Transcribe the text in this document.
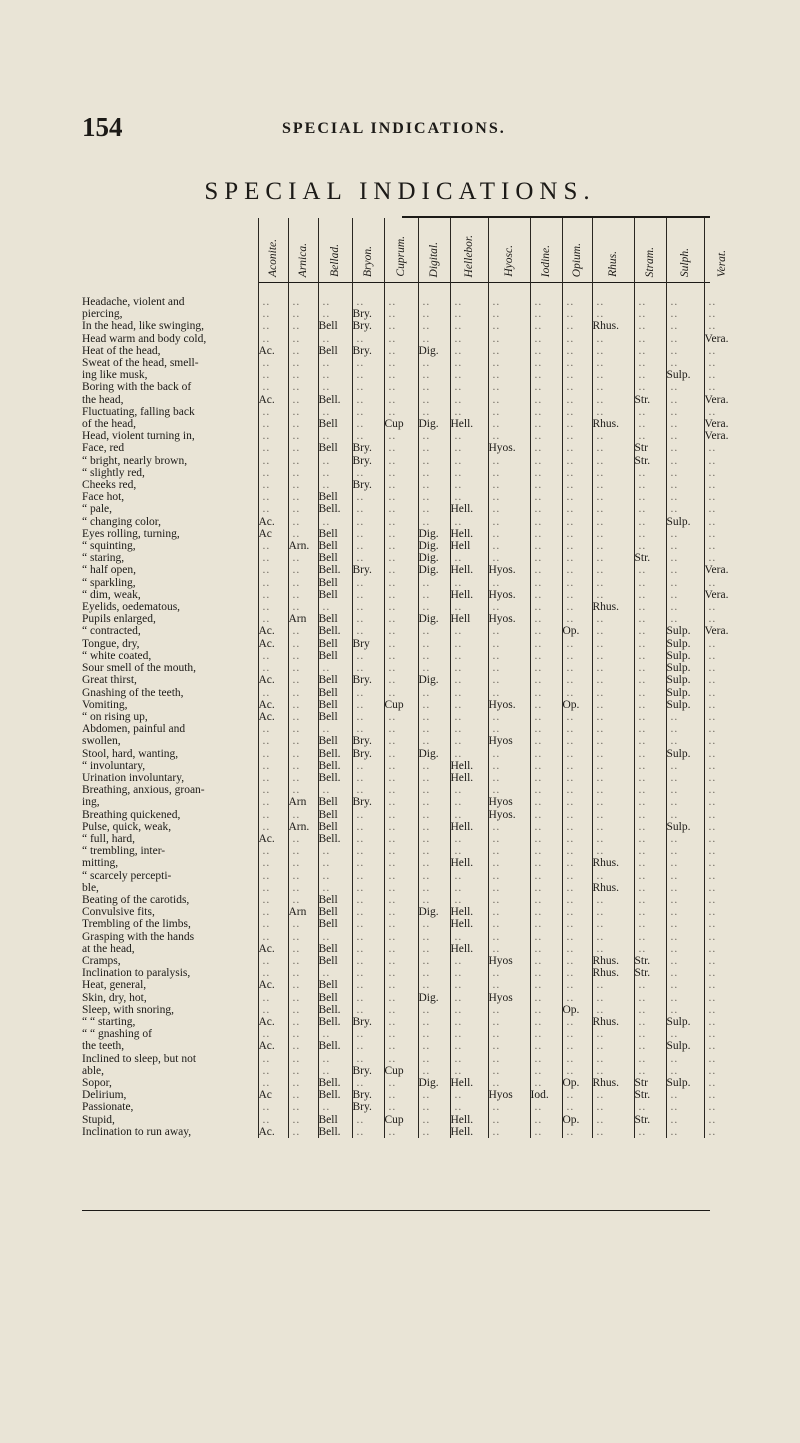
154	SPECIAL INDICATIONS.
SPECIAL INDICATIONS.
	Aconite.	Arnica.	Bellad.	Bryon.	Cuprum.	Digital.	Hellebor.	Hyosc.	Iodine.	Opium.	Rhus.	Stram.	Sulph.	Verat.
Headache, violent and	..	..	..	..	..	..	..	..	..	..	..	..	..	..
piercing,	..	..	..	Bry.	..	..	..	..	..	..	..	..	..	..
In the head, like swinging,	..	..	Bell	Bry.	..	..	..	..	..	..	Rhus.	..	..	..
Head warm and body cold,	..	..	..	..	..	..	..	..	..	..	..	..	..	Vera.
Heat of the head,	Ac.	..	Bell	Bry.	..	Dig.	..	..	..	..	..	..	..	..
Sweat of the head, smell-	..	..	..	..	..	..	..	..	..	..	..	..	..	..
ing like musk,	..	..	..	..	..	..	..	..	..	..	..	..	Sulp.	..
Boring with the back of	..	..	..	..	..	..	..	..	..	..	..	..	..	..
the head,	Ac.	..	Bell.	..	..	..	..	..	..	..	..	Str.	..	Vera.
Fluctuating, falling back	..	..	..	..	..	..	..	..	..	..	..	..	..	..
of the head,	..	..	Bell	..	Cup	Dig.	Hell.	..	..	..	Rhus.	..	..	Vera.
Head, violent turning in,	..	..	..	..	..	..	..	..	..	..	..	..	..	Vera.
Face, red	..	..	Bell	Bry.	..	..	..	Hyos.	..	..	..	Str	..	..
“ bright, nearly brown,	..	..	..	Bry.	..	..	..	..	..	..	..	Str.	..	..
“ slightly red,	..	..	..	..	..	..	..	..	..	..	..	..	..	..
Cheeks red,	..	..	..	Bry.	..	..	..	..	..	..	..	..	..	..
Face hot,	..	..	Bell	..	..	..	..	..	..	..	..	..	..	..
“ pale,	..	..	Bell.	..	..	..	Hell.	..	..	..	..	..	..	..
“ changing color,	Ac.	..	..	..	..	..	..	..	..	..	..	..	Sulp.	..
Eyes rolling, turning,	Ac	..	Bell	..	..	Dig.	Hell.	..	..	..	..	..	..	..
“ squinting,	..	Arn.	Bell	..	..	Dig.	Hell	..	..	..	..	..	..	..
“ staring,	..	..	Bell	..	..	Dig.	..	..	..	..	..	Str.	..	..
“ half open,	..	..	Bell.	Bry.	..	Dig.	Hell.	Hyos.	..	..	..	..	..	Vera.
“ sparkling,	..	..	Bell	..	..	..	..	..	..	..	..	..	..	..
“ dim, weak,	..	..	Bell	..	..	..	Hell.	Hyos.	..	..	..	..	..	Vera.
Eyelids, oedematous,	..	..	..	..	..	..	..	..	..	..	Rhus.	..	..	..
Pupils enlarged,	..	Arn	Bell	..	..	Dig.	Hell	Hyos.	..	..	..	..	..	..
“ contracted,	Ac.	..	Bell.	..	..	..	..	..	..	Op.	..	..	Sulp.	Vera.
Tongue, dry,	Ac.	..	Bell	Bry	..	..	..	..	..	..	..	..	Sulp.	..
“ white coated,	..	..	Bell	..	..	..	..	..	..	..	..	..	Sulp.	..
Sour smell of the mouth,	..	..	..	..	..	..	..	..	..	..	..	..	Sulp.	..
Great thirst,	Ac.	..	Bell	Bry.	..	Dig.	..	..	..	..	..	..	Sulp.	..
Gnashing of the teeth,	..	..	Bell	..	..	..	..	..	..	..	..	..	Sulp.	..
Vomiting,	Ac.	..	Bell	..	Cup	..	..	Hyos.	..	Op.	..	..	Sulp.	..
“ on rising up,	Ac.	..	Bell	..	..	..	..	..	..	..	..	..	..	..
Abdomen, painful and	..	..	..	..	..	..	..	..	..	..	..	..	..	..
swollen,	..	..	Bell	Bry.	..	..	..	Hyos	..	..	..	..	..	..
Stool, hard, wanting,	..	..	Bell.	Bry.	..	Dig.	..	..	..	..	..	..	Sulp.	..
“ involuntary,	..	..	Bell.	..	..	..	Hell.	..	..	..	..	..	..	..
Urination involuntary,	..	..	Bell.	..	..	..	Hell.	..	..	..	..	..	..	..
Breathing, anxious, groan-	..	..	..	..	..	..	..	..	..	..	..	..	..	..
ing,	..	Arn	Bell	Bry.	..	..	..	Hyos	..	..	..	..	..	..
Breathing quickened,	..	..	Bell	..	..	..	..	Hyos.	..	..	..	..	..	..
Pulse, quick, weak,	..	Arn.	Bell	..	..	..	Hell.	..	..	..	..	..	Sulp.	..
“ full, hard,	Ac.	..	Bell.	..	..	..	..	..	..	..	..	..	..	..
“ trembling, inter-	..	..	..	..	..	..	..	..	..	..	..	..	..	..
mitting,	..	..	..	..	..	..	Hell.	..	..	..	Rhus.	..	..	..
“ scarcely percepti-	..	..	..	..	..	..	..	..	..	..	..	..	..	..
ble,	..	..	..	..	..	..	..	..	..	..	Rhus.	..	..	..
Beating of the carotids,	..	..	Bell	..	..	..	..	..	..	..	..	..	..	..
Convulsive fits,	..	Arn	Bell	..	..	Dig.	Hell.	..	..	..	..	..	..	..
Trembling of the limbs,	..	..	Bell	..	..	..	Hell.	..	..	..	..	..	..	..
Grasping with the hands	..	..	..	..	..	..	..	..	..	..	..	..	..	..
at the head,	Ac.	..	Bell	..	..	..	Hell.	..	..	..	..	..	..	..
Cramps,	..	..	Bell	..	..	..	..	Hyos	..	..	Rhus.	Str.	..	..
Inclination to paralysis,	..	..	..	..	..	..	..	..	..	..	Rhus.	Str.	..	..
Heat, general,	Ac.	..	Bell	..	..	..	..	..	..	..	..	..	..	..
Skin, dry, hot,	..	..	Bell	..	..	Dig.	..	Hyos	..	..	..	..	..	..
Sleep, with snoring,	..	..	Bell.	..	..	..	..	..	..	Op.	..	..	..	..
“ “ starting,	Ac.	..	Bell.	Bry.	..	..	..	..	..	..	Rhus.	..	Sulp.	..
“ “ gnashing of	..	..	..	..	..	..	..	..	..	..	..	..	..	..
the teeth,	Ac.	..	Bell.	..	..	..	..	..	..	..	..	..	Sulp.	..
Inclined to sleep, but not	..	..	..	..	..	..	..	..	..	..	..	..	..	..
able,	..	..	..	Bry.	Cup	..	..	..	..	..	..	..	..	..
Sopor,	..	..	Bell.	..	..	Dig.	Hell.	..	..	Op.	Rhus.	Str	Sulp.	..
Delirium,	Ac	..	Bell.	Bry.	..	..	..	Hyos	Iod.	..	..	Str.	..	..
Passionate,	..	..	..	Bry.	..	..	..	..	..	..	..	..	..	..
Stupid,	..	..	Bell	..	Cup	..	Hell.	..	..	Op.	..	Str.	..	..
Inclination to run away,	Ac.	..	Bell.	..	..	..	Hell.	..	..	..	..	..	..	..
